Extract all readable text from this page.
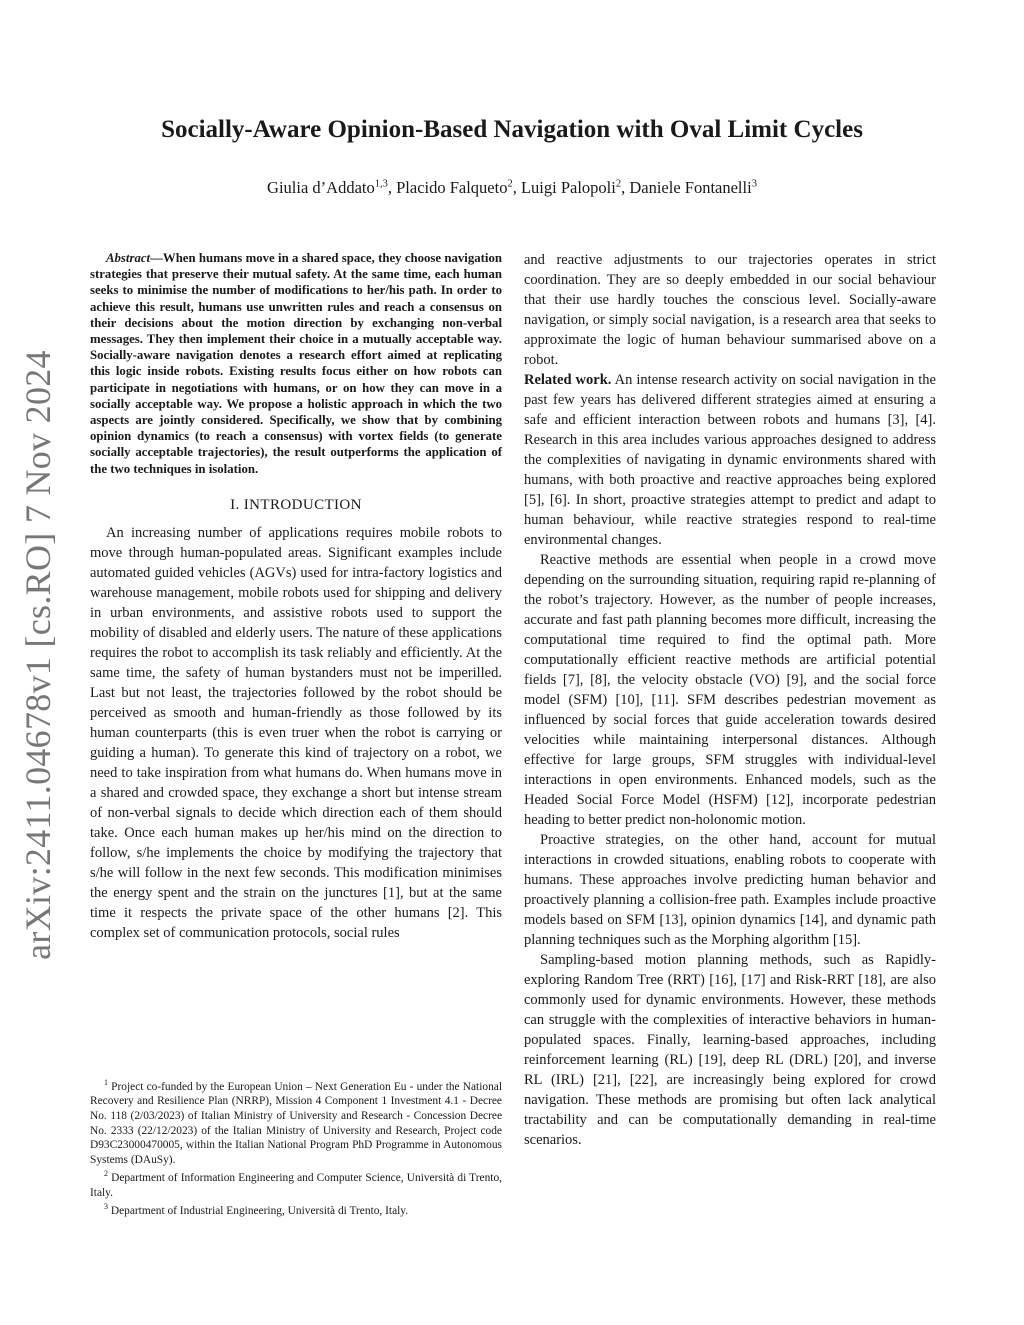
arXiv:2411.04678v1 [cs.RO] 7 Nov 2024
Socially-Aware Opinion-Based Navigation with Oval Limit Cycles
Giulia d’Addato$^{1,3}$, Placido Falqueto$^2$, Luigi Palopoli$^2$, Daniele Fontanelli$^3$

Abstract—When humans move in a shared space, they choose navigation strategies that preserve their mutual safety. At the same time, each human seeks to minimise the number of modifications to her/his path. In order to achieve this result, humans use unwritten rules and reach a consensus on their decisions about the motion direction by exchanging non-verbal messages. They then implement their choice in a mutually acceptable way. Socially-aware navigation denotes a research effort aimed at replicating this logic inside robots. Existing results focus either on how robots can participate in negotiations with humans, or on how they can move in a socially acceptable way. We propose a holistic approach in which the two aspects are jointly considered. Specifically, we show that by combining opinion dynamics (to reach a consensus) with vortex fields (to generate socially acceptable trajectories), the result outperforms the application of the two techniques in isolation.

I. INTRODUCTION

An increasing number of applications requires mobile robots to move through human-populated areas. Significant examples include automated guided vehicles (AGVs) used for intra-factory logistics and warehouse management, mobile robots used for shipping and delivery in urban environments, and assistive robots used to support the mobility of disabled and elderly users. The nature of these applications requires the robot to accomplish its task reliably and efficiently. At the same time, the safety of human bystanders must not be imperilled. Last but not least, the trajectories followed by the robot should be perceived as smooth and human-friendly as those followed by its human counterparts (this is even truer when the robot is carrying or guiding a human). To generate this kind of trajectory on a robot, we need to take inspiration from what humans do. When humans move in a shared and crowded space, they exchange a short but intense stream of non-verbal signals to decide which direction each of them should take. Once each human makes up her/his mind on the direction to follow, s/he implements the choice by modifying the trajectory that s/he will follow in the next few seconds. This modification minimises the energy spent and the strain on the junctures [1], but at the same time it respects the private space of the other humans [2]. This complex set of communication protocols, social rules

$^1$ Project co-funded by the European Union – Next Generation Eu - under the National Recovery and Resilience Plan (NRRP), Mission 4 Component 1 Investment 4.1 - Decree No. 118 (2/03/2023) of Italian Ministry of University and Research - Concession Decree No. 2333 (22/12/2023) of the Italian Ministry of University and Research, Project code D93C23000470005, within the Italian National Program PhD Programme in Autonomous Systems (DAuSy).

$^2$ Department of Information Engineering and Computer Science, Università di Trento, Italy.

$^3$ Department of Industrial Engineering, Università di Trento, Italy.

and reactive adjustments to our trajectories operates in strict coordination. They are so deeply embedded in our social behaviour that their use hardly touches the conscious level. Socially-aware navigation, or simply social navigation, is a research area that seeks to approximate the logic of human behaviour summarised above on a robot.

Related work. An intense research activity on social navigation in the past few years has delivered different strategies aimed at ensuring a safe and efficient interaction between robots and humans [3], [4]. Research in this area includes various approaches designed to address the complexities of navigating in dynamic environments shared with humans, with both proactive and reactive approaches being explored [5], [6]. In short, proactive strategies attempt to predict and adapt to human behaviour, while reactive strategies respond to real-time environmental changes.

Reactive methods are essential when people in a crowd move depending on the surrounding situation, requiring rapid re-planning of the robot’s trajectory. However, as the number of people increases, accurate and fast path planning becomes more difficult, increasing the computational time required to find the optimal path. More computationally efficient reactive methods are artificial potential fields [7], [8], the velocity obstacle (VO) [9], and the social force model (SFM) [10], [11]. SFM describes pedestrian movement as influenced by social forces that guide acceleration towards desired velocities while maintaining interpersonal distances. Although effective for large groups, SFM struggles with individual-level interactions in open environments. Enhanced models, such as the Headed Social Force Model (HSFM) [12], incorporate pedestrian heading to better predict non-holonomic motion.

Proactive strategies, on the other hand, account for mutual interactions in crowded situations, enabling robots to cooperate with humans. These approaches involve predicting human behavior and proactively planning a collision-free path. Examples include proactive models based on SFM [13], opinion dynamics [14], and dynamic path planning techniques such as the Morphing algorithm [15].

Sampling-based motion planning methods, such as Rapidly-exploring Random Tree (RRT) [16], [17] and Risk-RRT [18], are also commonly used for dynamic environments. However, these methods can struggle with the complexities of interactive behaviors in human-populated spaces. Finally, learning-based approaches, including reinforcement learning (RL) [19], deep RL (DRL) [20], and inverse RL (IRL) [21], [22], are increasingly being explored for crowd navigation. These methods are promising but often lack analytical tractability and can be computationally demanding in real-time scenarios.
